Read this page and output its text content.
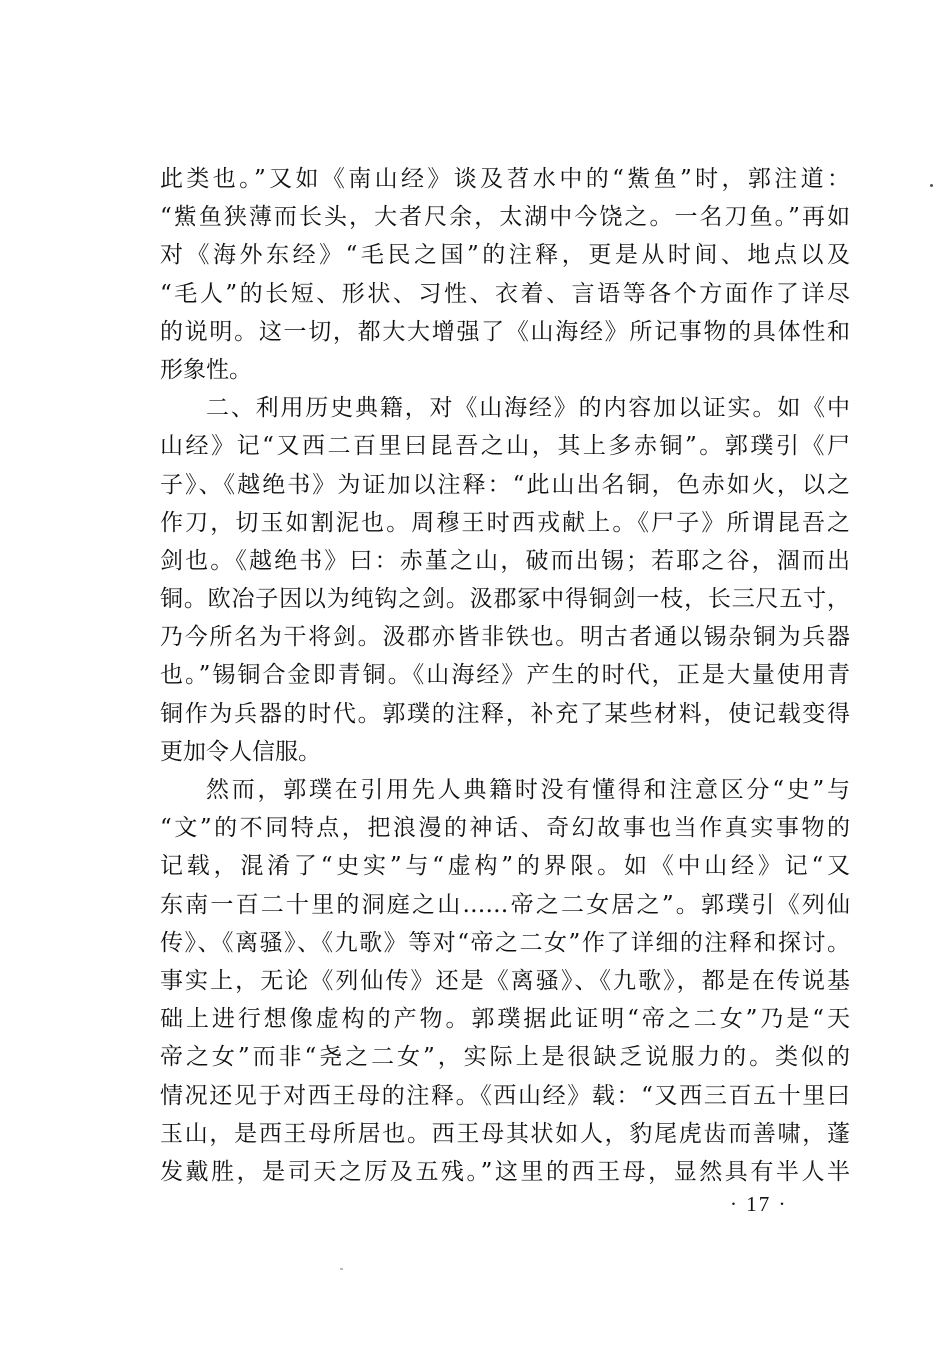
此类也。”又如《南山经》谈及苕水中的“鮆鱼”时，郭注道：
“鮆鱼狭薄而长头，大者尺余，太湖中今饶之。一名刀鱼。”再如
对《海外东经》“毛民之国”的注释，更是从时间、地点以及
“毛人”的长短、形状、习性、衣着、言语等各个方面作了详尽
的说明。这一切，都大大增强了《山海经》所记事物的具体性和
形象性。
二、利用历史典籍，对《山海经》的内容加以证实。如《中
山经》记“又西二百里曰昆吾之山，其上多赤铜”。郭璞引《尸
子》、《越绝书》为证加以注释：“此山出名铜，色赤如火，以之
作刀，切玉如割泥也。周穆王时西戎献上。《尸子》所谓昆吾之
剑也。《越绝书》曰：赤堇之山，破而出锡；若耶之谷，涸而出
铜。欧冶子因以为纯钩之剑。汲郡冢中得铜剑一枝，长三尺五寸，
乃今所名为干将剑。汲郡亦皆非铁也。明古者通以锡杂铜为兵器
也。”锡铜合金即青铜。《山海经》产生的时代，正是大量使用青
铜作为兵器的时代。郭璞的注释，补充了某些材料，使记载变得
更加令人信服。
然而，郭璞在引用先人典籍时没有懂得和注意区分“史”与
“文”的不同特点，把浪漫的神话、奇幻故事也当作真实事物的
记载，混淆了“史实”与“虚构”的界限。如《中山经》记“又
东南一百二十里的洞庭之山……帝之二女居之”。郭璞引《列仙
传》、《离骚》、《九歌》等对“帝之二女”作了详细的注释和探讨。
事实上，无论《列仙传》还是《离骚》、《九歌》，都是在传说基
础上进行想像虚构的产物。郭璞据此证明“帝之二女”乃是“天
帝之女”而非“尧之二女”，实际上是很缺乏说服力的。类似的
情况还见于对西王母的注释。《西山经》载：“又西三百五十里曰
玉山，是西王母所居也。西王母其状如人，豹尾虎齿而善啸，蓬
发戴胜，是司天之厉及五残。”这里的西王母，显然具有半人半
· 17 ·
